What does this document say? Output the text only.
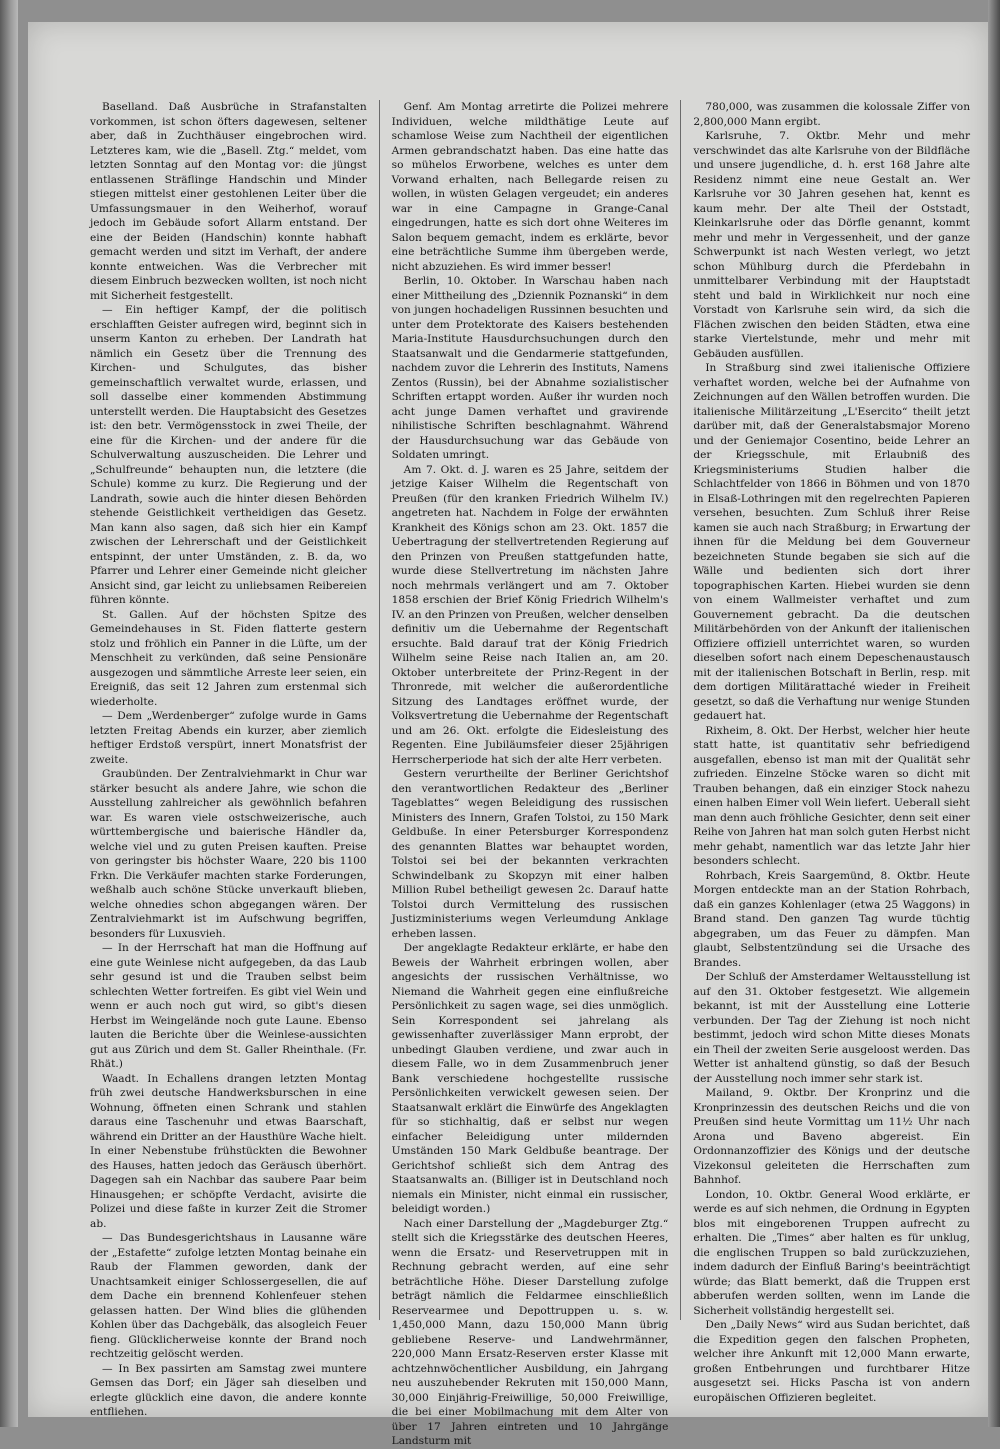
Baselland. Daß Ausbrüche in Strafanstalten vorkommen, ist schon öfters dagewesen, seltener aber, daß in Zuchthäuser eingebrochen wird. Letzteres kam, wie die „Basell. Ztg.“ meldet, vom letzten Sonntag auf den Montag vor: die jüngst entlassenen Sträflinge Handschin und Minder stiegen mittelst einer gestohlenen Leiter über die Umfassungsmauer in den Weiherhof, worauf jedoch im Gebäude sofort Allarm entstand. Der eine der Beiden (Handschin) konnte habhaft gemacht werden und sitzt im Verhaft, der andere konnte entweichen. Was die Verbrecher mit diesem Einbruch bezwecken wollten, ist noch nicht mit Sicherheit festgestellt.

— Ein heftiger Kampf, der die politisch erschlafften Geister aufregen wird, beginnt sich in unserm Kanton zu erheben. Der Landrath hat nämlich ein Gesetz über die Trennung des Kirchen- und Schulgutes, das bisher gemeinschaftlich verwaltet wurde, erlassen, und soll dasselbe einer kommenden Abstimmung unterstellt werden. Die Hauptabsicht des Gesetzes ist: den betr. Vermögensstock in zwei Theile, der eine für die Kirchen- und der andere für die Schulverwaltung auszuscheiden. Die Lehrer und „Schulfreunde“ behaupten nun, die letztere (die Schule) komme zu kurz. Die Regierung und der Landrath, sowie auch die hinter diesen Behörden stehende Geistlichkeit vertheidigen das Gesetz. Man kann also sagen, daß sich hier ein Kampf zwischen der Lehrerschaft und der Geistlichkeit entspinnt, der unter Umständen, z. B. da, wo Pfarrer und Lehrer einer Gemeinde nicht gleicher Ansicht sind, gar leicht zu unliebsamen Reibereien führen könnte.

St. Gallen. Auf der höchsten Spitze des Gemeindehauses in St. Fiden flatterte gestern stolz und fröhlich ein Panner in die Lüfte, um der Menschheit zu verkünden, daß seine Pensionäre ausgezogen und sämmtliche Arreste leer seien, ein Ereigniß, das seit 12 Jahren zum erstenmal sich wiederholte.

— Dem „Werdenberger“ zufolge wurde in Gams letzten Freitag Abends ein kurzer, aber ziemlich heftiger Erdstoß verspürt, innert Monatsfrist der zweite.

Graubünden. Der Zentralviehmarkt in Chur war stärker besucht als andere Jahre, wie schon die Ausstellung zahlreicher als gewöhnlich befahren war. Es waren viele ostschweizerische, auch württembergische und baierische Händler da, welche viel und zu guten Preisen kauften. Preise von geringster bis höchster Waare, 220 bis 1100 Frkn. Die Verkäufer machten starke Forderungen, weßhalb auch schöne Stücke unverkauft blieben, welche ohnedies schon abgegangen wären. Der Zentralviehmarkt ist im Aufschwung begriffen, besonders für Luxusvieh.

— In der Herrschaft hat man die Hoffnung auf eine gute Weinlese nicht aufgegeben, da das Laub sehr gesund ist und die Trauben selbst beim schlechten Wetter fortreifen. Es gibt viel Wein und wenn er auch noch gut wird, so gibt's diesen Herbst im Weingelände noch gute Laune. Ebenso lauten die Berichte über die Weinlese-aussichten gut aus Zürich und dem St. Galler Rheinthale. (Fr. Rhät.)

Waadt. In Echallens drangen letzten Montag früh zwei deutsche Handwerksburschen in eine Wohnung, öffneten einen Schrank und stahlen daraus eine Taschenuhr und etwas Baarschaft, während ein Dritter an der Hausthüre Wache hielt. In einer Nebenstube frühstückten die Bewohner des Hauses, hatten jedoch das Geräusch überhört. Dagegen sah ein Nachbar das saubere Paar beim Hinausgehen; er schöpfte Verdacht, avisirte die Polizei und diese faßte in kurzer Zeit die Stromer ab.

— Das Bundesgerichtshaus in Lausanne wäre der „Estafette“ zufolge letzten Montag beinahe ein Raub der Flammen geworden, dank der Unachtsamkeit einiger Schlossergesellen, die auf dem Dache ein brennend Kohlenfeuer stehen gelassen hatten. Der Wind blies die glühenden Kohlen über das Dachgebälk, das alsogleich Feuer fieng. Glücklicherweise konnte der Brand noch rechtzeitig gelöscht werden.

— In Bex passirten am Samstag zwei muntere Gemsen das Dorf; ein Jäger sah dieselben und erlegte glücklich eine davon, die andere konnte entfliehen.

Genf. Am Montag arretirte die Polizei mehrere Individuen, welche mildthätige Leute auf schamlose Weise zum Nachtheil der eigentlichen Armen gebrandschatzt haben. Das eine hatte das so mühelos Erworbene, welches es unter dem Vorwand erhalten, nach Bellegarde reisen zu wollen, in wüsten Gelagen vergeudet; ein anderes war in eine Campagne in Grange-Canal eingedrungen, hatte es sich dort ohne Weiteres im Salon bequem gemacht, indem es erklärte, bevor eine beträchtliche Summe ihm übergeben werde, nicht abzuziehen. Es wird immer besser!

Berlin, 10. Oktober. In Warschau haben nach einer Mittheilung des „Dziennik Poznanski“ in dem von jungen hochadeligen Russinnen besuchten und unter dem Protektorate des Kaisers bestehenden Maria-Institute Hausdurchsuchungen durch den Staatsanwalt und die Gendarmerie stattgefunden, nachdem zuvor die Lehrerin des Instituts, Namens Zentos (Russin), bei der Abnahme sozialistischer Schriften ertappt worden. Außer ihr wurden noch acht junge Damen verhaftet und gravirende nihilistische Schriften beschlagnahmt. Während der Hausdurchsuchung war das Gebäude von Soldaten umringt.

Am 7. Okt. d. J. waren es 25 Jahre, seitdem der jetzige Kaiser Wilhelm die Regentschaft von Preußen (für den kranken Friedrich Wilhelm IV.) angetreten hat. Nachdem in Folge der erwähnten Krankheit des Königs schon am 23. Okt. 1857 die Uebertragung der stellvertretenden Regierung auf den Prinzen von Preußen stattgefunden hatte, wurde diese Stellvertretung im nächsten Jahre noch mehrmals verlängert und am 7. Oktober 1858 erschien der Brief König Friedrich Wilhelm's IV. an den Prinzen von Preußen, welcher denselben definitiv um die Uebernahme der Regentschaft ersuchte. Bald darauf trat der König Friedrich Wilhelm seine Reise nach Italien an, am 20. Oktober unterbreitete der Prinz-Regent in der Thronrede, mit welcher die außerordentliche Sitzung des Landtages eröffnet wurde, der Volksvertretung die Uebernahme der Regentschaft und am 26. Okt. erfolgte die Eidesleistung des Regenten. Eine Jubiläumsfeier dieser 25jährigen Herrscherperiode hat sich der alte Herr verbeten.

Gestern verurtheilte der Berliner Gerichtshof den verantwortlichen Redakteur des „Berliner Tageblattes“ wegen Beleidigung des russischen Ministers des Innern, Grafen Tolstoi, zu 150 Mark Geldbuße. In einer Petersburger Korrespondenz des genannten Blattes war behauptet worden, Tolstoi sei bei der bekannten verkrachten Schwindelbank zu Skopzyn mit einer halben Million Rubel betheiligt gewesen 2c. Darauf hatte Tolstoi durch Vermittelung des russischen Justizministeriums wegen Verleumdung Anklage erheben lassen.

Der angeklagte Redakteur erklärte, er habe den Beweis der Wahrheit erbringen wollen, aber angesichts der russischen Verhältnisse, wo Niemand die Wahrheit gegen eine einflußreiche Persönlichkeit zu sagen wage, sei dies unmöglich. Sein Korrespondent sei jahrelang als gewissenhafter zuverlässiger Mann erprobt, der unbedingt Glauben verdiene, und zwar auch in diesem Falle, wo in dem Zusammenbruch jener Bank verschiedene hochgestellte russische Persönlichkeiten verwickelt gewesen seien. Der Staatsanwalt erklärt die Einwürfe des Angeklagten für so stichhaltig, daß er selbst nur wegen einfacher Beleidigung unter mildernden Umständen 150 Mark Geldbuße beantrage. Der Gerichtshof schließt sich dem Antrag des Staatsanwalts an. (Billiger ist in Deutschland noch niemals ein Minister, nicht einmal ein russischer, beleidigt worden.)

Nach einer Darstellung der „Magdeburger Ztg.“ stellt sich die Kriegsstärke des deutschen Heeres, wenn die Ersatz- und Reservetruppen mit in Rechnung gebracht werden, auf eine sehr beträchtliche Höhe. Dieser Darstellung zufolge beträgt nämlich die Feldarmee einschließlich Reservearmee und Depottruppen u. s. w. 1,450,000 Mann, dazu 150,000 Mann übrig gebliebene Reserve- und Landwehrmänner, 220,000 Mann Ersatz-Reserven erster Klasse mit achtzehnwöchentlicher Ausbildung, ein Jahrgang neu auszuhebender Rekruten mit 150,000 Mann, 30,000 Einjährig-Freiwillige, 50,000 Freiwillige, die bei einer Mobilmachung mit dem Alter von über 17 Jahren eintreten und 10 Jahrgänge Landsturm mit

780,000, was zusammen die kolossale Ziffer von 2,800,000 Mann ergibt.

Karlsruhe, 7. Oktbr. Mehr und mehr verschwindet das alte Karlsruhe von der Bildfläche und unsere jugendliche, d. h. erst 168 Jahre alte Residenz nimmt eine neue Gestalt an. Wer Karlsruhe vor 30 Jahren gesehen hat, kennt es kaum mehr. Der alte Theil der Oststadt, Kleinkarlsruhe oder das Dörfle genannt, kommt mehr und mehr in Vergessenheit, und der ganze Schwerpunkt ist nach Westen verlegt, wo jetzt schon Mühlburg durch die Pferdebahn in unmittelbarer Verbindung mit der Hauptstadt steht und bald in Wirklichkeit nur noch eine Vorstadt von Karlsruhe sein wird, da sich die Flächen zwischen den beiden Städten, etwa eine starke Viertelstunde, mehr und mehr mit Gebäuden ausfüllen.

In Straßburg sind zwei italienische Offiziere verhaftet worden, welche bei der Aufnahme von Zeichnungen auf den Wällen betroffen wurden. Die italienische Militärzeitung „L'Esercito“ theilt jetzt darüber mit, daß der Generalstabsmajor Moreno und der Geniemajor Cosentino, beide Lehrer an der Kriegsschule, mit Erlaubniß des Kriegsministeriums Studien halber die Schlachtfelder von 1866 in Böhmen und von 1870 in Elsaß-Lothringen mit den regelrechten Papieren versehen, besuchten. Zum Schluß ihrer Reise kamen sie auch nach Straßburg; in Erwartung der ihnen für die Meldung bei dem Gouverneur bezeichneten Stunde begaben sie sich auf die Wälle und bedienten sich dort ihrer topographischen Karten. Hiebei wurden sie denn von einem Wallmeister verhaftet und zum Gouvernement gebracht. Da die deutschen Militärbehörden von der Ankunft der italienischen Offiziere offiziell unterrichtet waren, so wurden dieselben sofort nach einem Depeschenaustausch mit der italienischen Botschaft in Berlin, resp. mit dem dortigen Militärattaché wieder in Freiheit gesetzt, so daß die Verhaftung nur wenige Stunden gedauert hat.

Rixheim, 8. Okt. Der Herbst, welcher hier heute statt hatte, ist quantitativ sehr befriedigend ausgefallen, ebenso ist man mit der Qualität sehr zufrieden. Einzelne Stöcke waren so dicht mit Trauben behangen, daß ein einziger Stock nahezu einen halben Eimer voll Wein liefert. Ueberall sieht man denn auch fröhliche Gesichter, denn seit einer Reihe von Jahren hat man solch guten Herbst nicht mehr gehabt, namentlich war das letzte Jahr hier besonders schlecht.

Rohrbach, Kreis Saargemünd, 8. Oktbr. Heute Morgen entdeckte man an der Station Rohrbach, daß ein ganzes Kohlenlager (etwa 25 Waggons) in Brand stand. Den ganzen Tag wurde tüchtig abgegraben, um das Feuer zu dämpfen. Man glaubt, Selbstentzündung sei die Ursache des Brandes.

Der Schluß der Amsterdamer Weltausstellung ist auf den 31. Oktober festgesetzt. Wie allgemein bekannt, ist mit der Ausstellung eine Lotterie verbunden. Der Tag der Ziehung ist noch nicht bestimmt, jedoch wird schon Mitte dieses Monats ein Theil der zweiten Serie ausgeloost werden. Das Wetter ist anhaltend günstig, so daß der Besuch der Ausstellung noch immer sehr stark ist.

Mailand, 9. Oktbr. Der Kronprinz und die Kronprinzessin des deutschen Reichs und die von Preußen sind heute Vormittag um 11½ Uhr nach Arona und Baveno abgereist. Ein Ordonnanzoffizier des Königs und der deutsche Vizekonsul geleiteten die Herrschaften zum Bahnhof.

London, 10. Oktbr. General Wood erklärte, er werde es auf sich nehmen, die Ordnung in Egypten blos mit eingeborenen Truppen aufrecht zu erhalten. Die „Times“ aber halten es für unklug, die englischen Truppen so bald zurückzuziehen, indem dadurch der Einfluß Baring's beeinträchtigt würde; das Blatt bemerkt, daß die Truppen erst abberufen werden sollten, wenn im Lande die Sicherheit vollständig hergestellt sei.

Den „Daily News“ wird aus Sudan berichtet, daß die Expedition gegen den falschen Propheten, welcher ihre Ankunft mit 12,000 Mann erwarte, großen Entbehrungen und furchtbarer Hitze ausgesetzt sei. Hicks Pascha ist von andern europäischen Offizieren begleitet.
